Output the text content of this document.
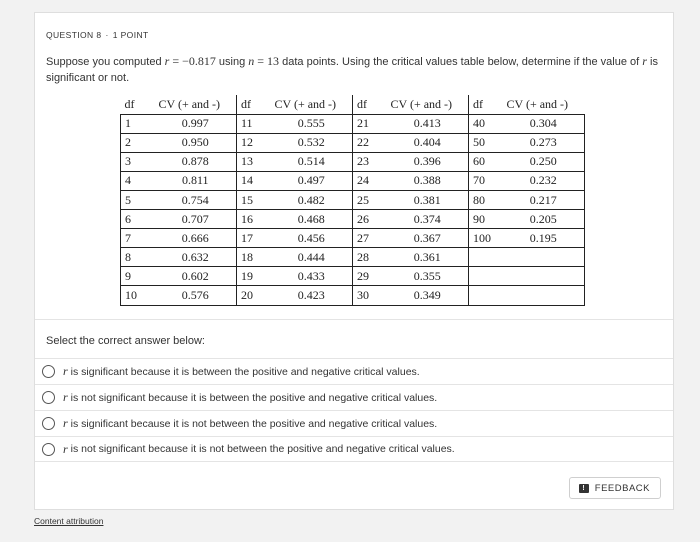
QUESTION 8 · 1 POINT
Suppose you computed r = −0.817 using n = 13 data points. Using the critical values table below, determine if the value of r is significant or not.
df	CV (+ and -)	df	CV (+ and -)	df	CV (+ and -)	df	CV (+ and -)
1	0.997	11	0.555	21	0.413	40	0.304
2	0.950	12	0.532	22	0.404	50	0.273
3	0.878	13	0.514	23	0.396	60	0.250
4	0.811	14	0.497	24	0.388	70	0.232
5	0.754	15	0.482	25	0.381	80	0.217
6	0.707	16	0.468	26	0.374	90	0.205
7	0.666	17	0.456	27	0.367	100	0.195
8	0.632	18	0.444	28	0.361		
9	0.602	19	0.433	29	0.355		
10	0.576	20	0.423	30	0.349		
Select the correct answer below:
r is significant because it is between the positive and negative critical values.
r is not significant because it is between the positive and negative critical values.
r is significant because it is not between the positive and negative critical values.
r is not significant because it is not between the positive and negative critical values.
!	FEEDBACK
Content attribution
